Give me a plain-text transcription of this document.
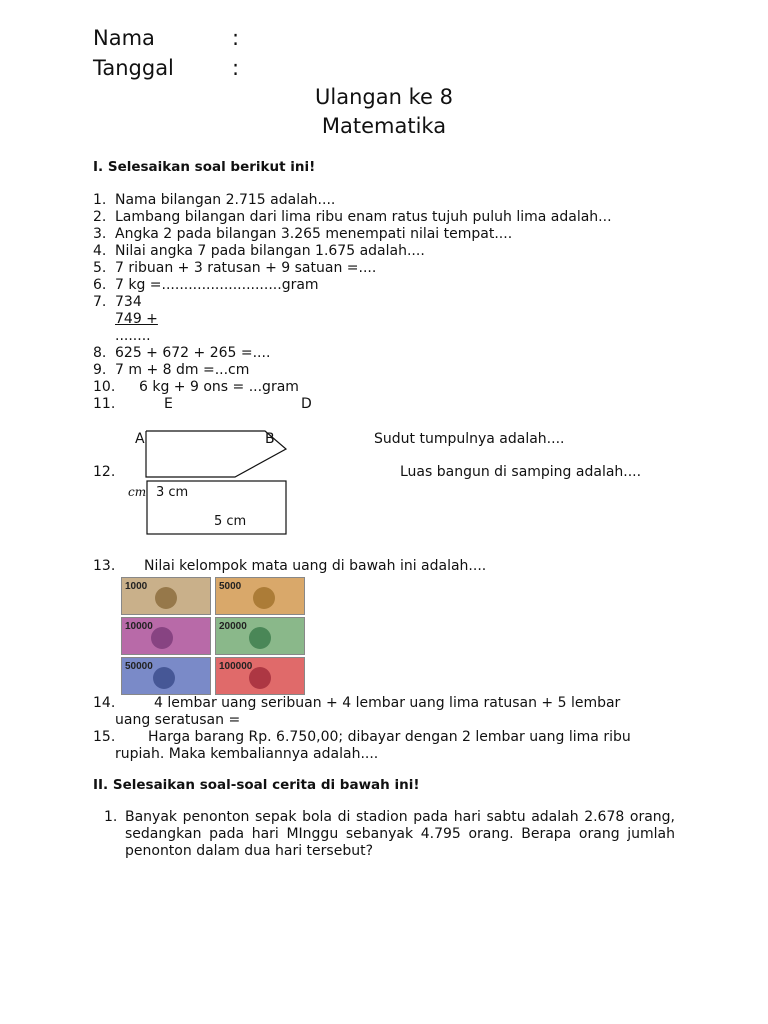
Nama	:
Tanggal	:
Ulangan ke 8
Matematika
I. Selesaikan soal berikut ini!
1. Nama bilangan 2.715 adalah....
2. Lambang bilangan dari lima ribu enam ratus tujuh puluh lima adalah...
3. Angka 2 pada bilangan 3.265 menempati nilai tempat....
4. Nilai angka 7 pada bilangan 1.675 adalah....
5. 7 ribuan + 3 ratusan + 9 satuan =....
6. 7 kg =...........................gram
7. 734
749 +
........
8. 625 + 672 + 265 =....
9. 7 m + 8 dm =...cm
10. 6 kg + 9 ons = ...gram
11.	E	D
A	B	Sudut tumpulnya adalah....
12.	Luas bangun di samping adalah....
cm 3 cm
5 cm
13. Nilai kelompok mata uang di bawah ini adalah....
1000	5000
10000	20000
50000	100000
14.	4 lembar uang seribuan + 4 lembar uang lima ratusan + 5 lembar
uang seratusan =
15. Harga barang Rp. 6.750,00; dibayar dengan 2 lembar uang lima ribu
rupiah. Maka kembaliannya adalah....
II. Selesaikan soal-soal cerita di bawah ini!
1. Banyak penonton sepak bola di stadion pada hari sabtu adalah 2.678 orang, sedangkan pada hari MInggu sebanyak 4.795 orang. Berapa orang jumlah penonton dalam dua hari tersebut?
